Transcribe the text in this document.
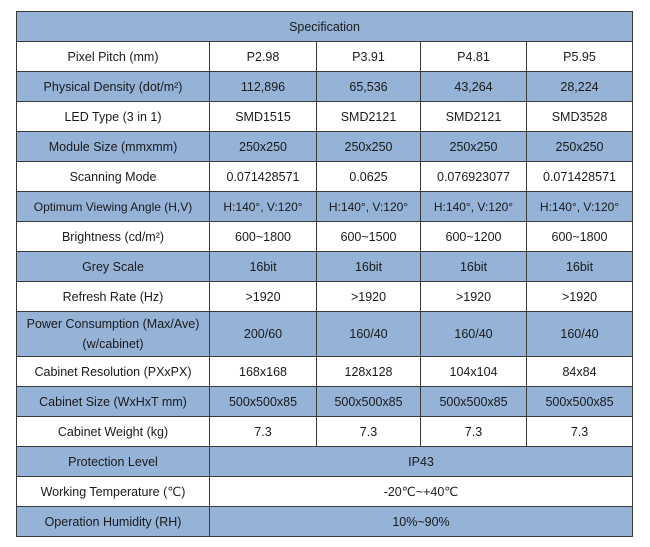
Specification				
Pixel Pitch (mm)	P2.98	P3.91	P4.81	P5.95
Physical Density (dot/m²)	112,896	65,536	43,264	28,224
LED Type (3 in 1)	SMD1515	SMD2121	SMD2121	SMD3528
Module Size (mmxmm)	250x250	250x250	250x250	250x250
Scanning Mode	0.071428571	0.0625	0.076923077	0.071428571
Optimum Viewing Angle (H,V)	H:140°, V:120°	H:140°, V:120°	H:140°, V:120°	H:140°, V:120°
Brightness (cd/m²)	600~1800	600~1500	600~1200	600~1800
Grey Scale	16bit	16bit	16bit	16bit
Refresh Rate (Hz)	>1920	>1920	>1920	>1920
Power Consumption (Max/Ave) (w/cabinet)	200/60	160/40	160/40	160/40
Cabinet Resolution (PXxPX)	168x168	128x128	104x104	84x84
Cabinet Size (WxHxT mm)	500x500x85	500x500x85	500x500x85	500x500x85
Cabinet Weight (kg)	7.3	7.3	7.3	7.3
Protection Level	IP43			
Working Temperature (℃)	-20℃~+40℃			
Operation Humidity (RH)	10%~90%			
